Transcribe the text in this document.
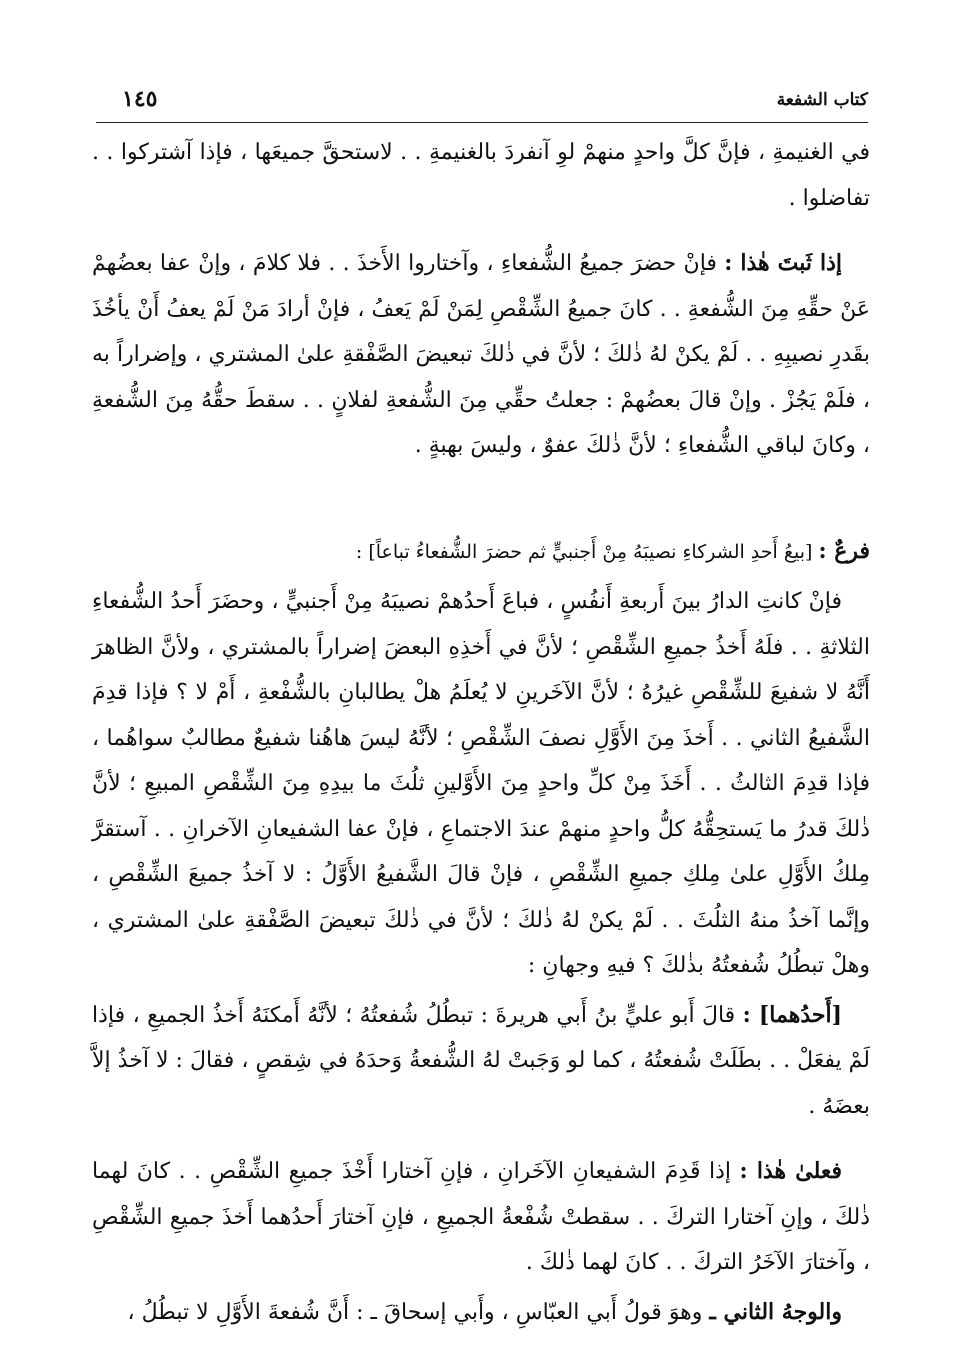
كتاب الشفعة
١٤٥

في الغنيمةِ ، فإنَّ كلَّ واحدٍ منهمْ لوِ آنفردَ بالغنيمةِ . . لاستحقَّ جميعَها ، فإذا آشتركوا . . تفاضلوا .

إذا ثَبتَ هٰذا : فإنْ حضرَ جميعُ الشُّفعاءِ ، وآختاروا الأَخذَ . . فلا كلامَ ، وإنْ عفا بعضُهمْ عَنْ حقِّهِ مِنَ الشُّفعةِ . . كانَ جميعُ الشِّقْصِ لِمَنْ لَمْ يَعفُ ، فإنْ أرادَ مَنْ لَمْ يعفُ أَنْ يأخُذَ بقَدرِ نصيبِهِ . . لَمْ يكنْ لهُ ذٰلكَ ؛ لأنَّ في ذٰلكَ تبعيضَ الصَّفْقةِ علىٰ المشتري ، وإضراراً به ، فلَمْ يَجُزْ . وإنْ قالَ بعضُهمْ : جعلتُ حقِّي مِنَ الشُّفعةِ لفلانٍ . . سقطَ حقُّهُ مِنَ الشُّفعةِ ، وكانَ لباقي الشُّفعاءِ ؛ لأنَّ ذٰلكَ عفوٌ ، وليسَ بهبةٍ .

فرعٌ : [بيعُ أَحدِ الشركاءِ نصيبَهُ مِنْ أَجنبيٍّ ثم حضرَ الشُّفعاءُ تباعاً] :

فإنْ كانتِ الدارُ بينَ أَربعةِ أَنفُسٍ ، فباعَ أَحدُهمْ نصيبَهُ مِنْ أَجنبيٍّ ، وحضَرَ أَحدُ الشُّفعاءِ الثلاثةِ . . فلَهُ أَخذُ جميعِ الشِّقْصِ ؛ لأنَّ في أَخذِهِ البعضَ إضراراً بالمشتري ، ولأنَّ الظاهرَ أَنَّهُ لا شفيعَ للشِّقْصِ غيرُهُ ؛ لأنَّ الآخَرينِ لا يُعلَمُ هلْ يطالبانِ بالشُّفْعةِ ، أَمْ لا ؟ فإذا قدِمَ الشَّفيعُ الثاني . . أَخذَ مِنَ الأَوَّلِ نصفَ الشِّقْصِ ؛ لأنَّهُ ليسَ هاهُنا شفيعٌ مطالبٌ سواهُما ، فإذا قدِمَ الثالثُ . . أَخَذَ مِنْ كلِّ واحدٍ مِنَ الأَوَّلينِ ثلُثَ ما بيدِهِ مِنَ الشِّقْصِ المبيعِ ؛ لأنَّ ذٰلكَ قدرُ ما يَستحِقُّهُ كلُّ واحدٍ منهمْ عندَ الاجتماعِ ، فإنْ عفا الشفيعانِ الآخرانِ . . آستقرَّ مِلكُ الأَوَّلِ علىٰ مِلكِ جميعِ الشِّقْصِ ، فإنْ قالَ الشَّفيعُ الأَوَّلُ : لا آخذُ جميعَ الشِّقْصِ ، وإنَّما آخذُ منهُ الثلُثَ . . لَمْ يكنْ لهُ ذٰلكَ ؛ لأنَّ في ذٰلكَ تبعيضَ الصَّفْقةِ علىٰ المشتري ، وهلْ تبطُلُ شُفعتُهُ بذٰلكَ ؟ فيهِ وجهانِ :

[أَحدُهما] : قالَ أَبو عليٍّ بنُ أَبي هريرةَ : تبطُلُ شُفعتُهُ ؛ لأنَّهُ أَمكنَهُ أَخذُ الجميعِ ، فإذا لَمْ يفعَلْ . . بطَلَتْ شُفعتُهُ ، كما لو وَجَبتْ لهُ الشُّفعةُ وَحدَهُ في شِقصٍ ، فقالَ : لا آخذُ إلاَّ بعضَهُ .

فعلىٰ هٰذا : إذا قَدِمَ الشفيعانِ الآخَرانِ ، فإنِ آختارا أَخْذَ جميعِ الشِّقْصِ . . كانَ لهما ذٰلكَ ، وإنِ آختارا التركَ . . سقطتْ شُفْعةُ الجميعِ ، فإنِ آختارَ أَحدُهما أَخذَ جميعِ الشِّقْصِ ، وآختارَ الآخَرُ التركَ . . كانَ لهما ذٰلكَ .

والوجهُ الثاني ـ وهوَ قولُ أَبي العبّاسِ ، وأَبي إسحاقَ ـ : أَنَّ شُفعةَ الأَوَّلِ لا تبطُلُ ،
